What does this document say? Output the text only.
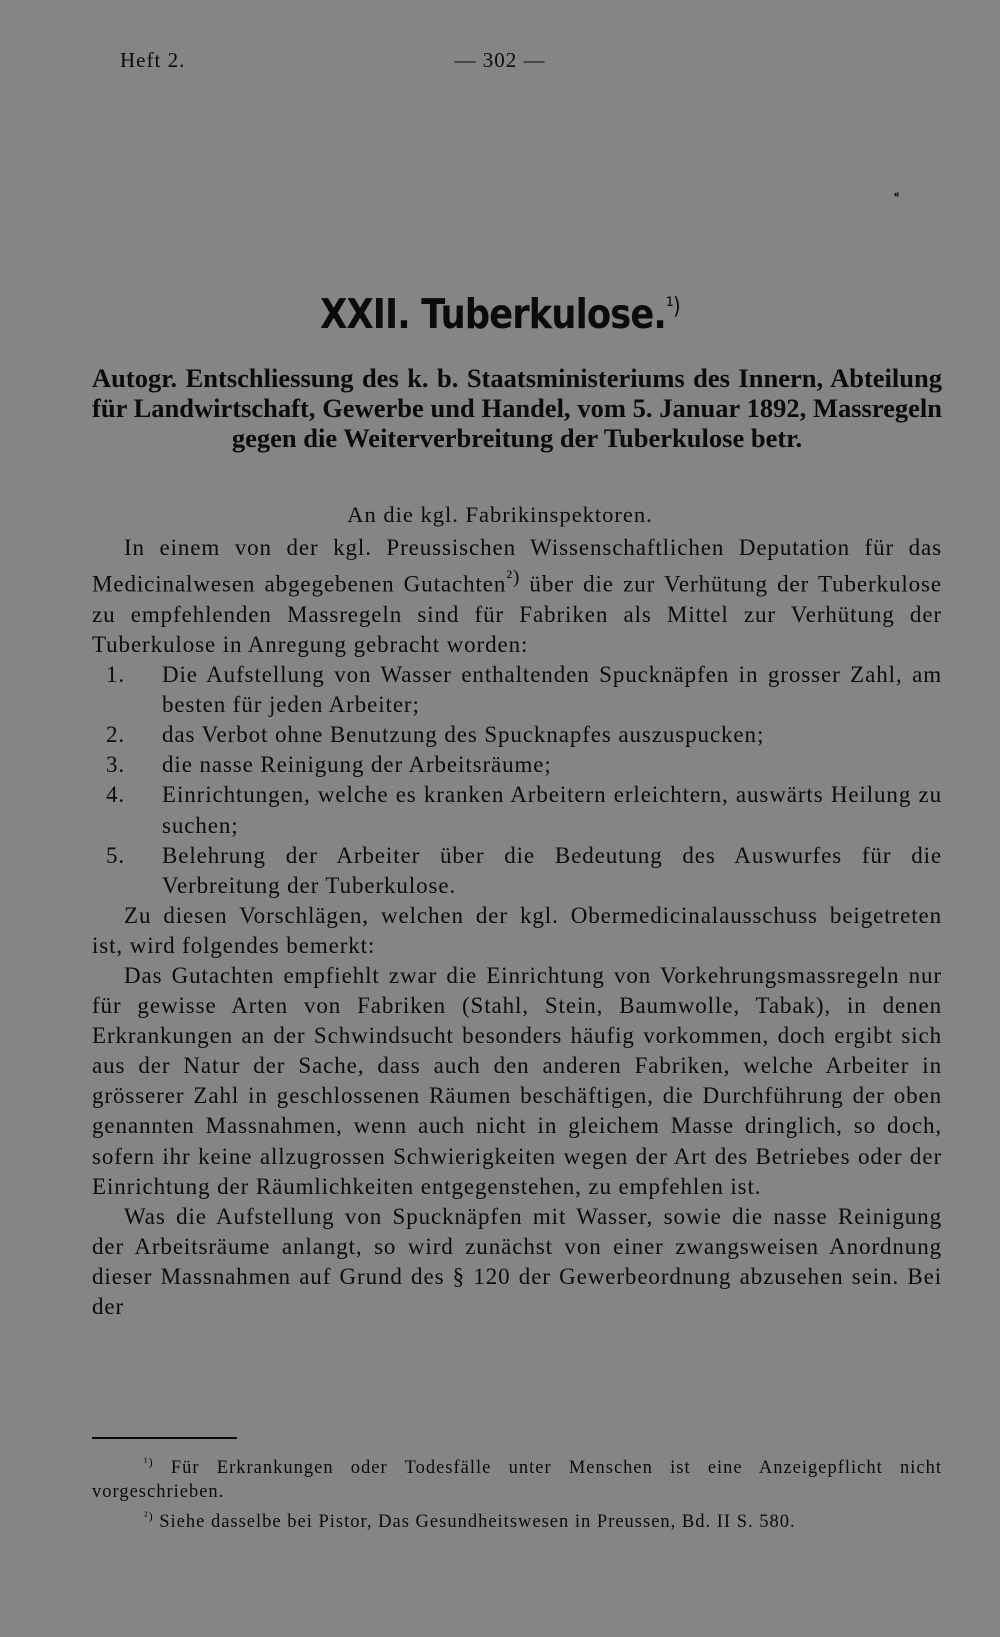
Heft 2.	— 302 —
⁌
XXII. Tuberkulose.$^{^1)}$
Autogr. Entschliessung des k. b. Staatsministeriums des Innern, Abteilung für Landwirtschaft, Gewerbe und Handel, vom 5. Januar 1892, Massregeln gegen die Weiterverbreitung der Tuberkulose betr.
An die kgl. Fabrikinspektoren.

In einem von der kgl. Preussischen Wissenschaftlichen Deputation für das Medicinalwesen abgegebenen Gutachten$^{^2)}$ über die zur Verhütung der Tuberkulose zu empfehlenden Massregeln sind für Fabriken als Mittel zur Verhütung der Tuberkulose in Anregung gebracht worden:

1. Die Aufstellung von Wasser enthaltenden Spucknäpfen in grosser Zahl, am besten für jeden Arbeiter;
2. das Verbot ohne Benutzung des Spucknapfes auszuspucken;
3. die nasse Reinigung der Arbeitsräume;
4. Einrichtungen, welche es kranken Arbeitern erleichtern, auswärts Heilung zu suchen;
5. Belehrung der Arbeiter über die Bedeutung des Auswurfes für die Verbreitung der Tuberkulose.

Zu diesen Vorschlägen, welchen der kgl. Obermedicinalausschuss beigetreten ist, wird folgendes bemerkt:

Das Gutachten empfiehlt zwar die Einrichtung von Vorkehrungsmassregeln nur für gewisse Arten von Fabriken (Stahl, Stein, Baumwolle, Tabak), in denen Erkrankungen an der Schwindsucht besonders häufig vorkommen, doch ergibt sich aus der Natur der Sache, dass auch den anderen Fabriken, welche Arbeiter in grösserer Zahl in geschlossenen Räumen beschäftigen, die Durchführung der oben genannten Massnahmen, wenn auch nicht in gleichem Masse dringlich, so doch, sofern ihr keine allzugrossen Schwierigkeiten wegen der Art des Betriebes oder der Einrichtung der Räumlichkeiten entgegenstehen, zu empfehlen ist.

Was die Aufstellung von Spucknäpfen mit Wasser, sowie die nasse Reinigung der Arbeitsräume anlangt, so wird zunächst von einer zwangsweisen Anordnung dieser Massnahmen auf Grund des § 120 der Gewerbeordnung abzusehen sein. Bei der

$^{^1)}$ Für Erkrankungen oder Todesfälle unter Menschen ist eine Anzeigepflicht nicht vorgeschrieben.

$^{^2)}$ Siehe dasselbe bei Pistor, Das Gesundheitswesen in Preussen, Bd. II S. 580.
